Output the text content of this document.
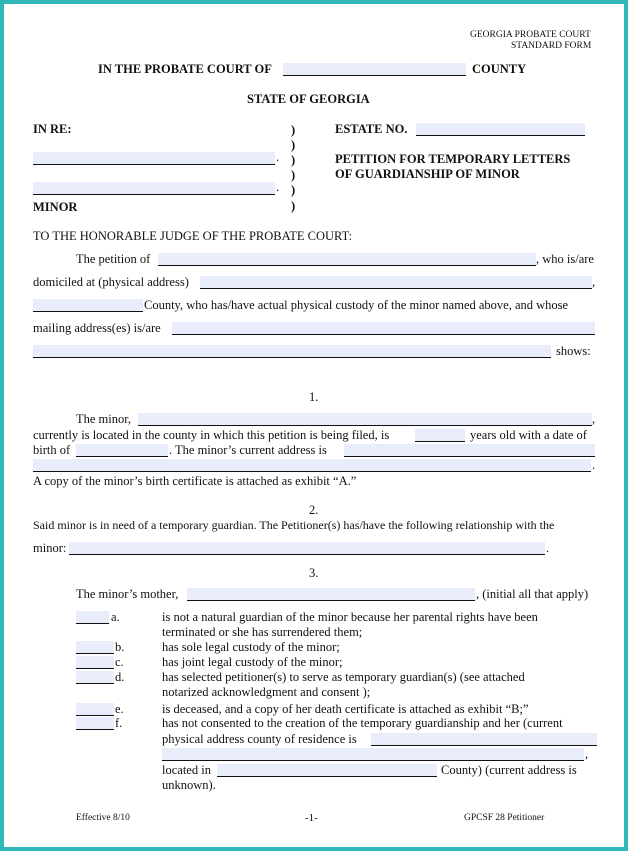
GEORGIA PROBATE COURT
STANDARD FORM
IN THE PROBATE COURT OF	COUNTY
STATE OF GEORGIA
IN RE:
.
.
MINOR
)
)
)
)
)
)
ESTATE NO.
PETITION FOR TEMPORARY LETTERS
OF GUARDIANSHIP OF MINOR
TO THE HONORABLE JUDGE OF THE PROBATE COURT:
The petition of	, who is/are
domiciled at (physical address)	,
County, who has/have actual physical custody of the minor named above, and whose
mailing address(es) is/are
shows:
1.
The minor,	,
currently is located in the county in which this petition is being filed, is	years old with a date of
birth of	. The minor’s current address is
.
A copy of the minor’s birth certificate is attached as exhibit “A.”
2.
Said minor is in need of a temporary guardian. The Petitioner(s) has/have the following relationship with the
minor:	.
3.
The minor’s mother,	, (initial all that apply)
a.	is not a natural guardian of the minor because her parental rights have been
terminated or she has surrendered them;
b.	has sole legal custody of the minor;
c.	has joint legal custody of the minor;
d.	has selected petitioner(s) to serve as temporary guardian(s) (see attached
notarized acknowledgment and consent );
e.	is deceased, and a copy of her death certificate is attached as exhibit “B;”
f.	has not consented to the creation of the temporary guardianship and her (current
physical address county of residence is
,
located in	County) (current address is
unknown).
Effective 8/10	-1-	GPCSF 28 Petitioner
